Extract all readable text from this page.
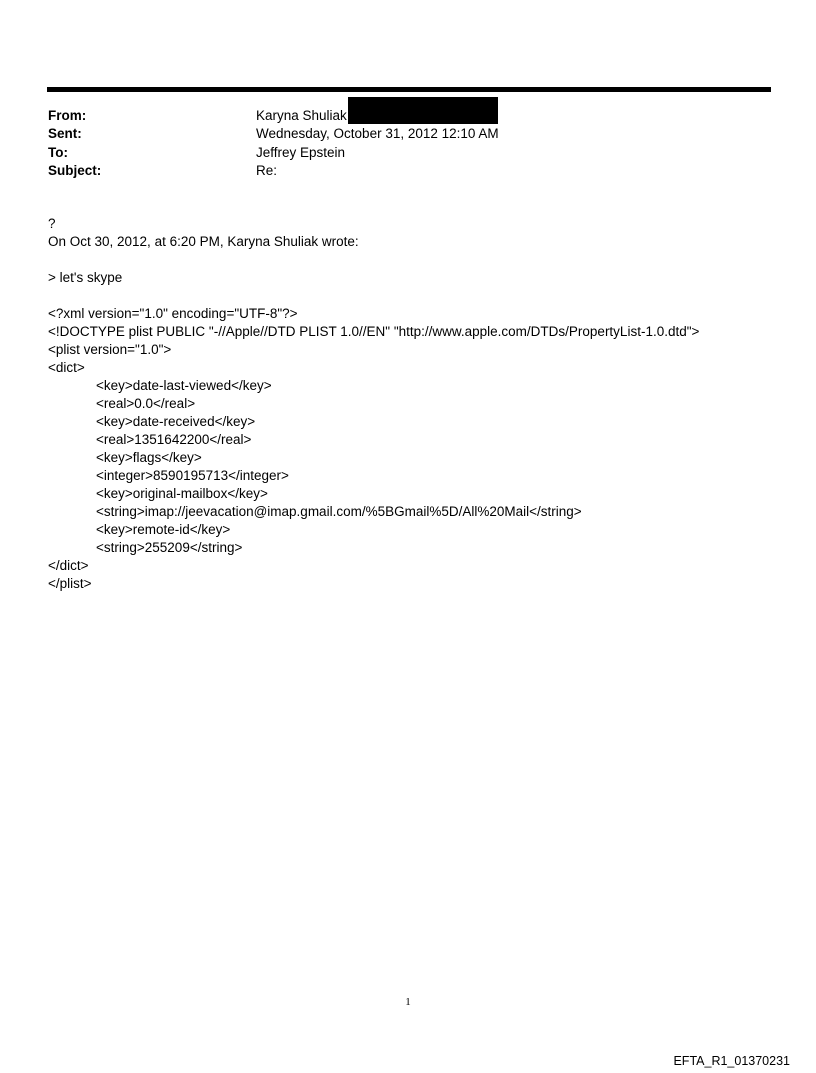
From:	Karyna Shuliak
Sent:	Wednesday, October 31, 2012 12:10 AM
To:	Jeffrey Epstein
Subject:	Re:
?
On Oct 30, 2012, at 6:20 PM, Karyna Shuliak wrote:
> let's skype
<?xml version="1.0" encoding="UTF-8"?>
<!DOCTYPE plist PUBLIC "-//Apple//DTD PLIST 1.0//EN" "http://www.apple.com/DTDs/PropertyList-1.0.dtd">
<plist version="1.0">
<dict>
<key>date-last-viewed</key>
<real>0.0</real>
<key>date-received</key>
<real>1351642200</real>
<key>flags</key>
<integer>8590195713</integer>
<key>original-mailbox</key>
<string>imap://jeevacation@imap.gmail.com/%5BGmail%5D/All%20Mail</string>
<key>remote-id</key>
<string>255209</string>
</dict>
</plist>
1
EFTA_R1_01370231
